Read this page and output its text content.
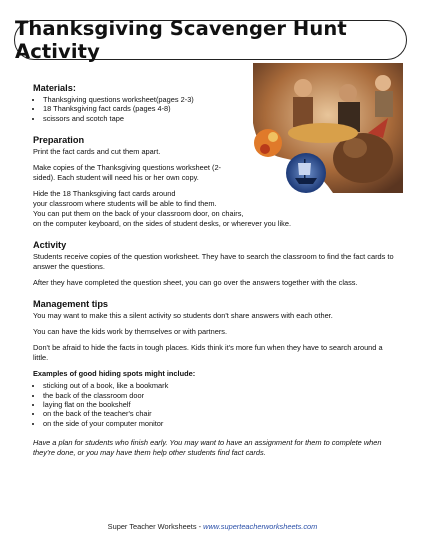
Thanksgiving Scavenger Hunt Activity
Materials:
• Thanksgiving questions worksheet(pages 2-3)
• 18 Thanksgiving fact cards (pages 4-8)
• scissors and scotch tape
Preparation

Print the fact cards and cut them apart.

Make copies of the Thanksgiving questions worksheet (2-sided). Each student will need his or her own copy.

Hide the 18 Thanksgiving fact cards around
your classroom where students will be able to find them.
You can put them on the back of your classroom door, on chairs,
on the computer keyboard, on the sides of student desks, or wherever you like.

Activity

Students receive copies of the question worksheet. They have to search the classroom to find the fact cards to answer the questions.

After they have completed the question sheet, you can go over the answers together with the class.

Management tips

You may want to make this a silent activity so students don't share answers with each other.

You can have the kids work by themselves or with partners.

Don't be afraid to hide the facts in tough places. Kids think it's more fun when they have to search around a little.

Examples of good hiding spots might include:
• sticking out of a book, like a bookmark
• the back of the classroom door
• laying flat on the bookshelf
• on the back of the teacher's chair
• on the side of your computer monitor

Have a plan for students who finish early. You may want to have an assignment for them to complete when they're done, or you may have them help other students find fact cards.

Super Teacher Worksheets - www.superteacherworksheets.com
